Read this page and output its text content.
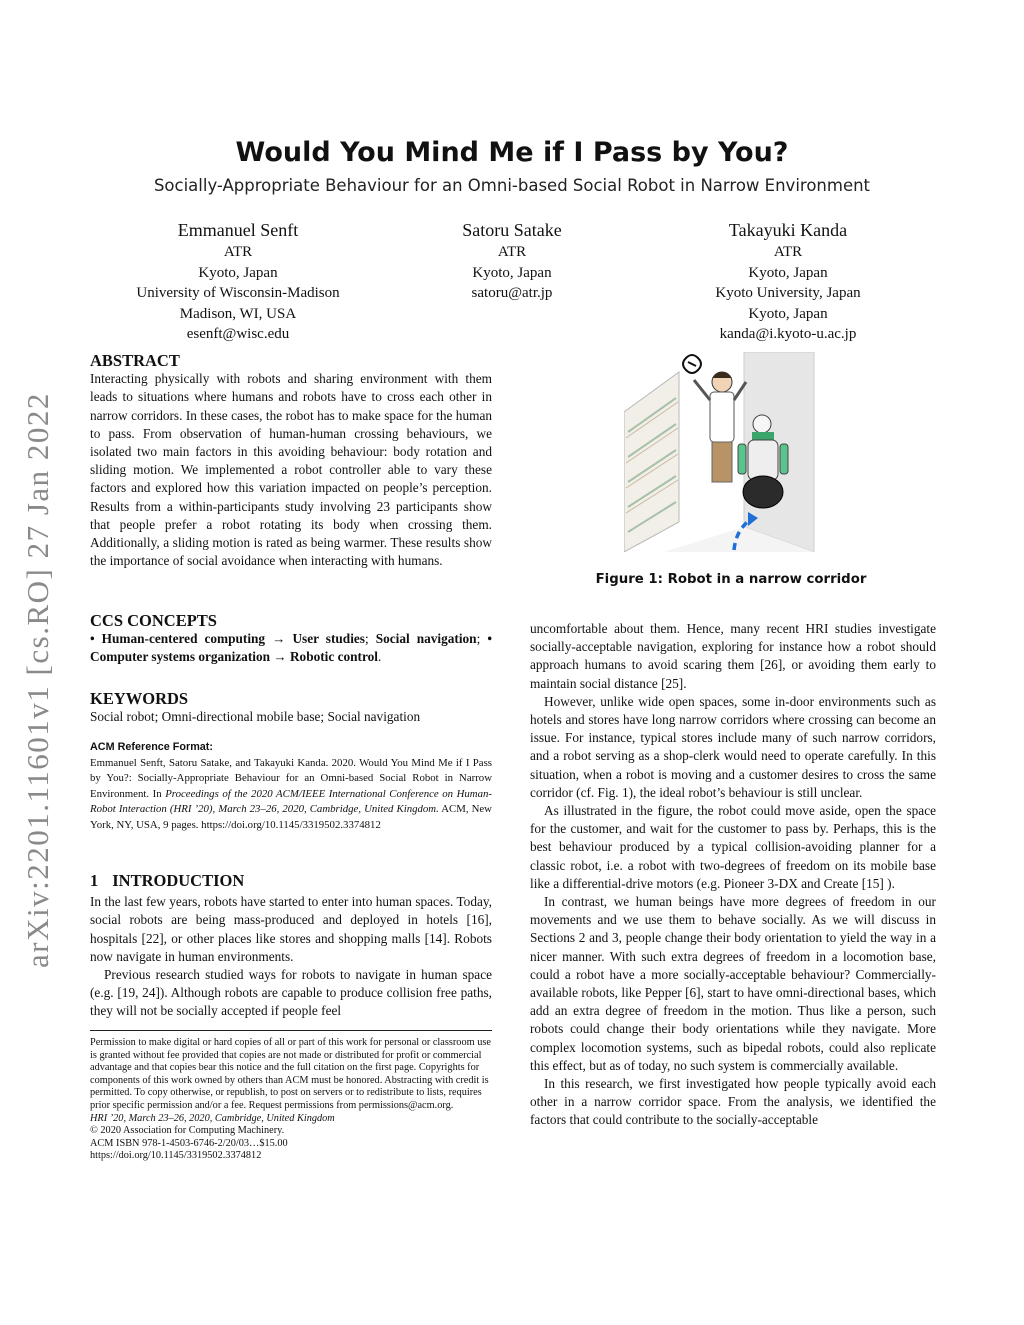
arXiv:2201.11601v1 [cs.RO] 27 Jan 2022
Would You Mind Me if I Pass by You?
Socially-Appropriate Behaviour for an Omni-based Social Robot in Narrow Environment
Emmanuel Senft
ATR
Kyoto, Japan
University of Wisconsin-Madison
Madison, WI, USA
esenft@wisc.edu
Satoru Satake
ATR
Kyoto, Japan
satoru@atr.jp
Takayuki Kanda
ATR
Kyoto, Japan
Kyoto University, Japan
Kyoto, Japan
kanda@i.kyoto-u.ac.jp
ABSTRACT

Interacting physically with robots and sharing environment with them leads to situations where humans and robots have to cross each other in narrow corridors. In these cases, the robot has to make space for the human to pass. From observation of human-human crossing behaviours, we isolated two main factors in this avoiding behaviour: body rotation and sliding motion. We implemented a robot controller able to vary these factors and explored how this variation impacted on people’s perception. Results from a within-participants study involving 23 participants show that people prefer a robot rotating its body when crossing them. Additionally, a sliding motion is rated as being warmer. These results show the importance of social avoidance when interacting with humans.

CCS CONCEPTS

• Human-centered computing → User studies; Social navigation; • Computer systems organization → Robotic control.

KEYWORDS

Social robot; Omni-directional mobile base; Social navigation

ACM Reference Format:

Emmanuel Senft, Satoru Satake, and Takayuki Kanda. 2020. Would You Mind Me if I Pass by You?: Socially-Appropriate Behaviour for an Omni-based Social Robot in Narrow Environment. In Proceedings of the 2020 ACM/IEEE International Conference on Human-Robot Interaction (HRI ’20), March 23–26, 2020, Cambridge, United Kingdom. ACM, New York, NY, USA, 9 pages. https://doi.org/10.1145/3319502.3374812

1 INTRODUCTION

In the last few years, robots have started to enter into human spaces. Today, social robots are being mass-produced and deployed in hotels [16], hospitals [22], or other places like stores and shopping malls [14]. Robots now navigate in human environments.

Previous research studied ways for robots to navigate in human space (e.g. [19, 24]). Although robots are capable to produce collision free paths, they will not be socially accepted if people feel

Permission to make digital or hard copies of all or part of this work for personal or classroom use is granted without fee provided that copies are not made or distributed for profit or commercial advantage and that copies bear this notice and the full citation on the first page. Copyrights for components of this work owned by others than ACM must be honored. Abstracting with credit is permitted. To copy otherwise, or republish, to post on servers or to redistribute to lists, requires prior specific permission and/or a fee. Request permissions from permissions@acm.org.
HRI ’20, March 23–26, 2020, Cambridge, United Kingdom
© 2020 Association for Computing Machinery.
ACM ISBN 978-1-4503-6746-2/20/03…$15.00
https://doi.org/10.1145/3319502.3374812
Figure 1: Robot in a narrow corridor

uncomfortable about them. Hence, many recent HRI studies investigate socially-acceptable navigation, exploring for instance how a robot should approach humans to avoid scaring them [26], or avoiding them early to maintain social distance [25].

However, unlike wide open spaces, some in-door environments such as hotels and stores have long narrow corridors where crossing can become an issue. For instance, typical stores include many of such narrow corridors, and a robot serving as a shop-clerk would need to operate carefully. In this situation, when a robot is moving and a customer desires to cross the same corridor (cf. Fig. 1), the ideal robot’s behaviour is still unclear.

As illustrated in the figure, the robot could move aside, open the space for the customer, and wait for the customer to pass by. Perhaps, this is the best behaviour produced by a typical collision-avoiding planner for a classic robot, i.e. a robot with two-degrees of freedom on its mobile base like a differential-drive motors (e.g. Pioneer 3-DX and Create [15] ).

In contrast, we human beings have more degrees of freedom in our movements and we use them to behave socially. As we will discuss in Sections 2 and 3, people change their body orientation to yield the way in a nicer manner. With such extra degrees of freedom in a locomotion base, could a robot have a more socially-acceptable behaviour? Commercially-available robots, like Pepper [6], start to have omni-directional bases, which add an extra degree of freedom in the motion. Thus like a person, such robots could change their body orientations while they navigate. More complex locomotion systems, such as bipedal robots, could also replicate this effect, but as of today, no such system is commercially available.

In this research, we first investigated how people typically avoid each other in a narrow corridor space. From the analysis, we identified the factors that could contribute to the socially-acceptable
